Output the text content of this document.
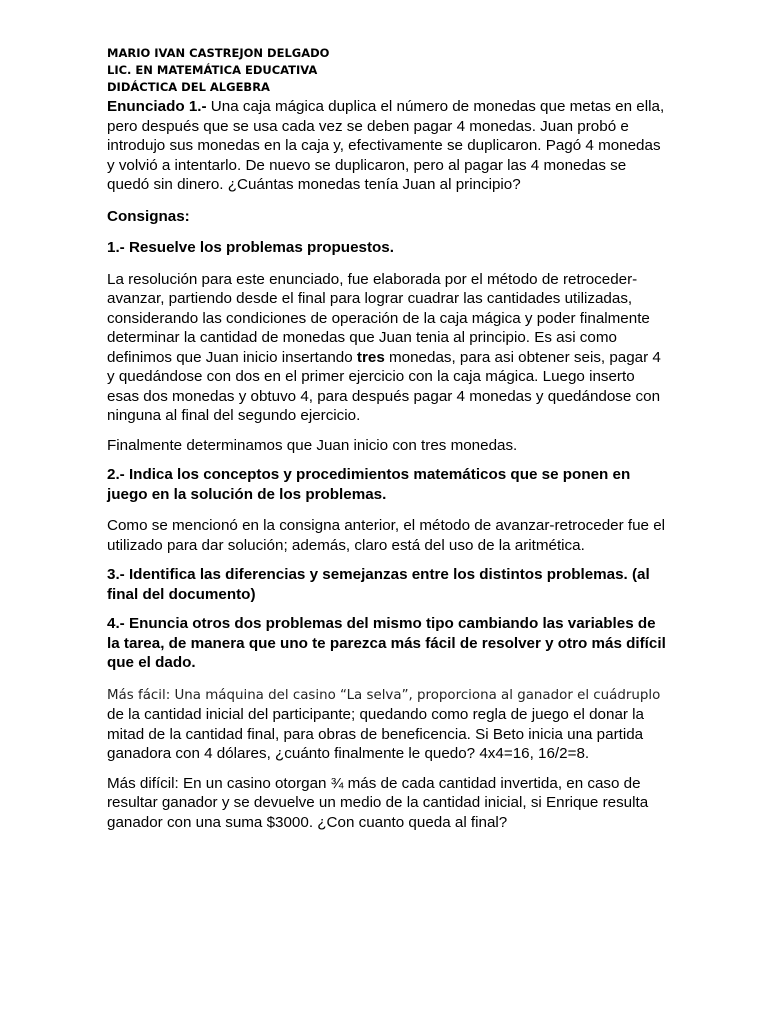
MARIO IVAN CASTREJON DELGADO
LIC. EN MATEMÁTICA EDUCATIVA
DIDÁCTICA DEL ALGEBRA

Enunciado 1.- Una caja mágica duplica el número de monedas que metas en ella, pero después que se usa cada vez se deben pagar 4 monedas. Juan probó e introdujo sus monedas en la caja y, efectivamente se duplicaron. Pagó 4 monedas y volvió a intentarlo. De nuevo se duplicaron, pero al pagar las 4 monedas se quedó sin dinero. ¿Cuántas monedas tenía Juan al principio?

Consignas:

1.- Resuelve los problemas propuestos.

La resolución para este enunciado, fue elaborada por el método de retroceder-avanzar, partiendo desde el final para lograr cuadrar las cantidades utilizadas, considerando las condiciones de operación de la caja mágica y poder finalmente determinar la cantidad de monedas que Juan tenia al principio. Es asi como definimos que Juan inicio insertando tres monedas, para asi obtener seis, pagar 4 y quedándose con dos en el primer ejercicio con la caja mágica. Luego inserto esas dos monedas y obtuvo 4, para después pagar 4 monedas y quedándose con ninguna al final del segundo ejercicio.

Finalmente determinamos que Juan inicio con tres monedas.

2.- Indica los conceptos y procedimientos matemáticos que se ponen en juego en la solución de los problemas.

Como se mencionó en la consigna anterior, el método de avanzar-retroceder fue el utilizado para dar solución; además, claro está del uso de la aritmética.

3.- Identifica las diferencias y semejanzas entre los distintos problemas. (al final del documento)

4.- Enuncia otros dos problemas del mismo tipo cambiando las variables de la tarea, de manera que uno te parezca más fácil de resolver y otro más difícil que el dado.

Más fácil: Una máquina del casino “La selva”, proporciona al ganador el cuádruplo
de la cantidad inicial del participante; quedando como regla de juego el donar la mitad de la cantidad final, para obras de beneficencia. Si Beto inicia una partida ganadora con 4 dólares, ¿cuánto finalmente le quedo? 4x4=16, 16/2=8.

Más difícil: En un casino otorgan ¾ más de cada cantidad invertida, en caso de resultar ganador y se devuelve un medio de la cantidad inicial, si Enrique resulta ganador con una suma $3000. ¿Con cuanto queda al final?
